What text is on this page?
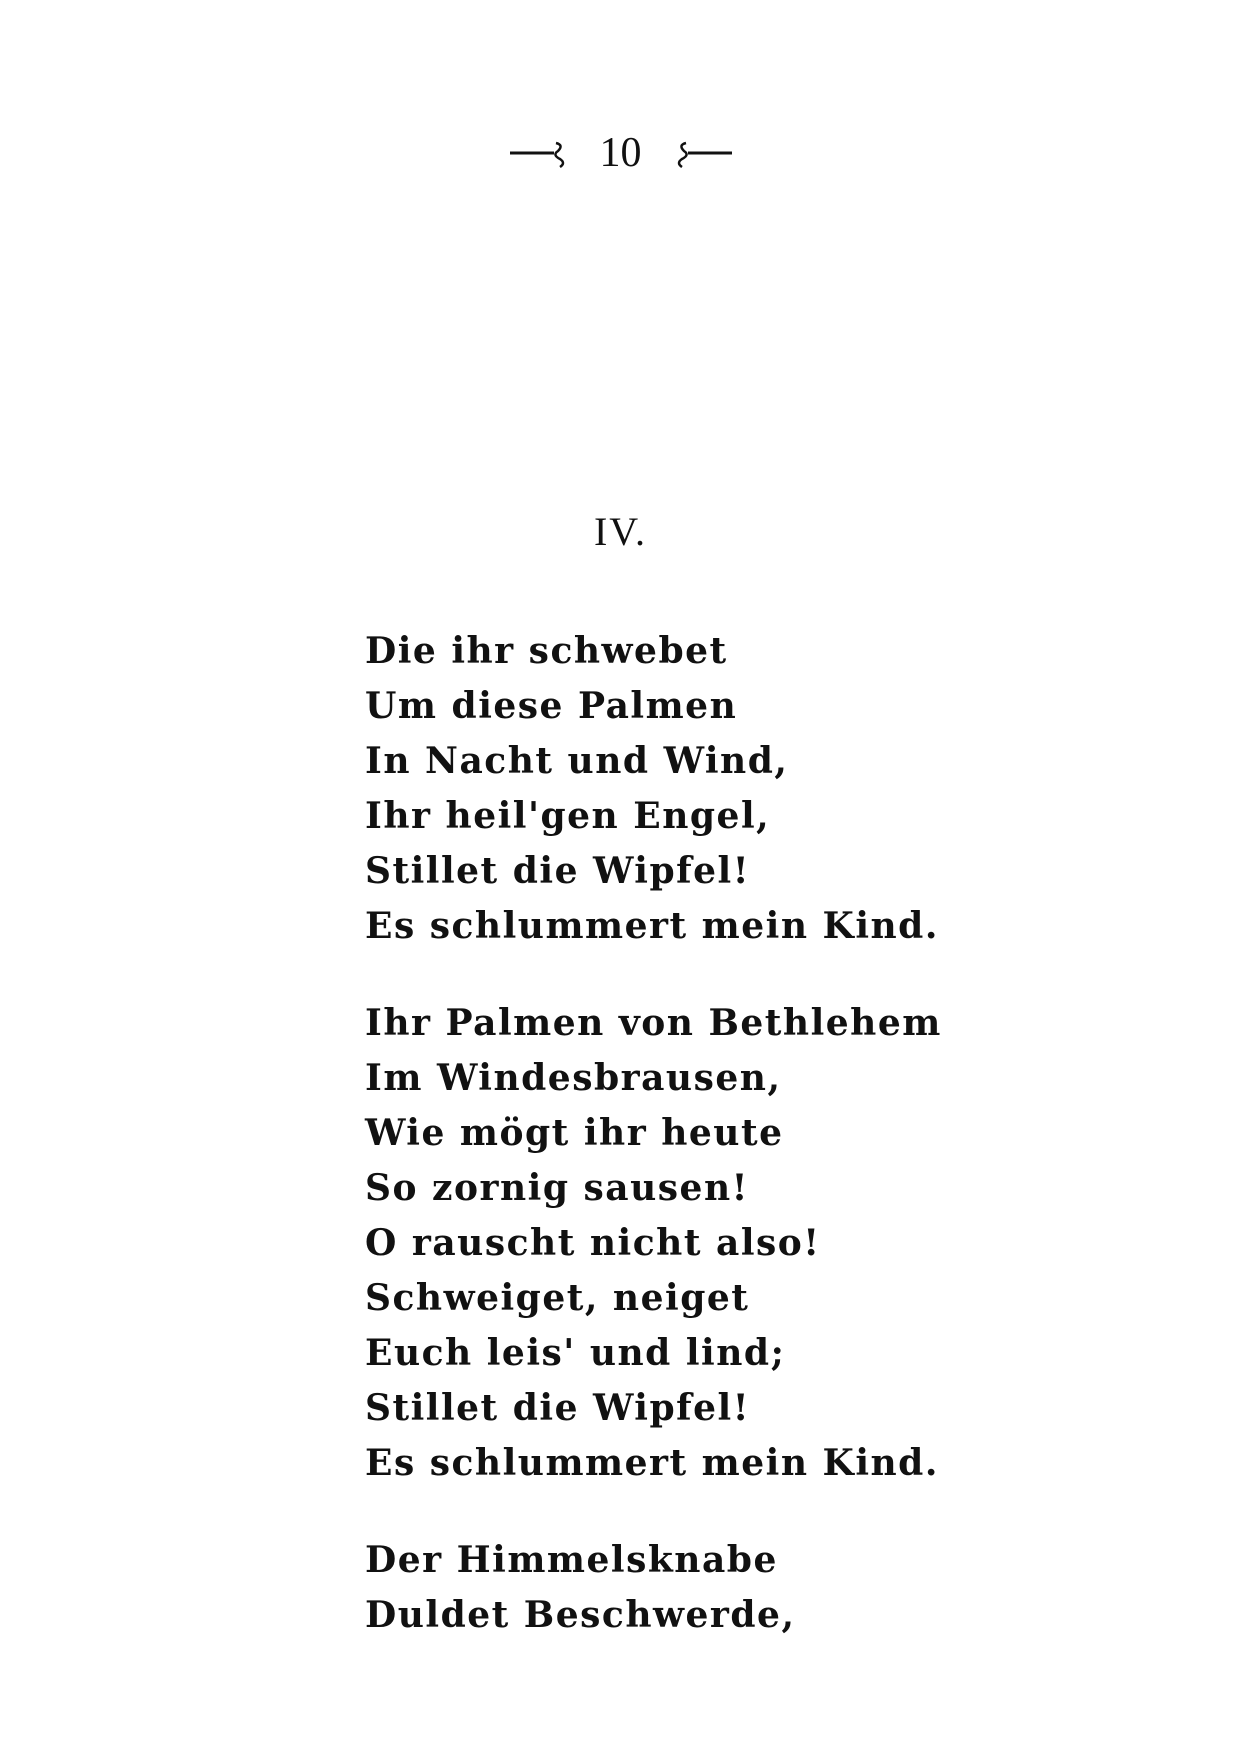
10
IV.
Die ihr schwebet
Um diese Palmen
In Nacht und Wind,
Ihr heil'gen Engel,
Stillet die Wipfel!
Es schlummert mein Kind.
Ihr Palmen von Bethlehem
Im Windesbrausen,
Wie mögt ihr heute
So zornig sausen!
O rauscht nicht also!
Schweiget, neiget
Euch leis' und lind;
Stillet die Wipfel!
Es schlummert mein Kind.
Der Himmelsknabe
Duldet Beschwerde,
